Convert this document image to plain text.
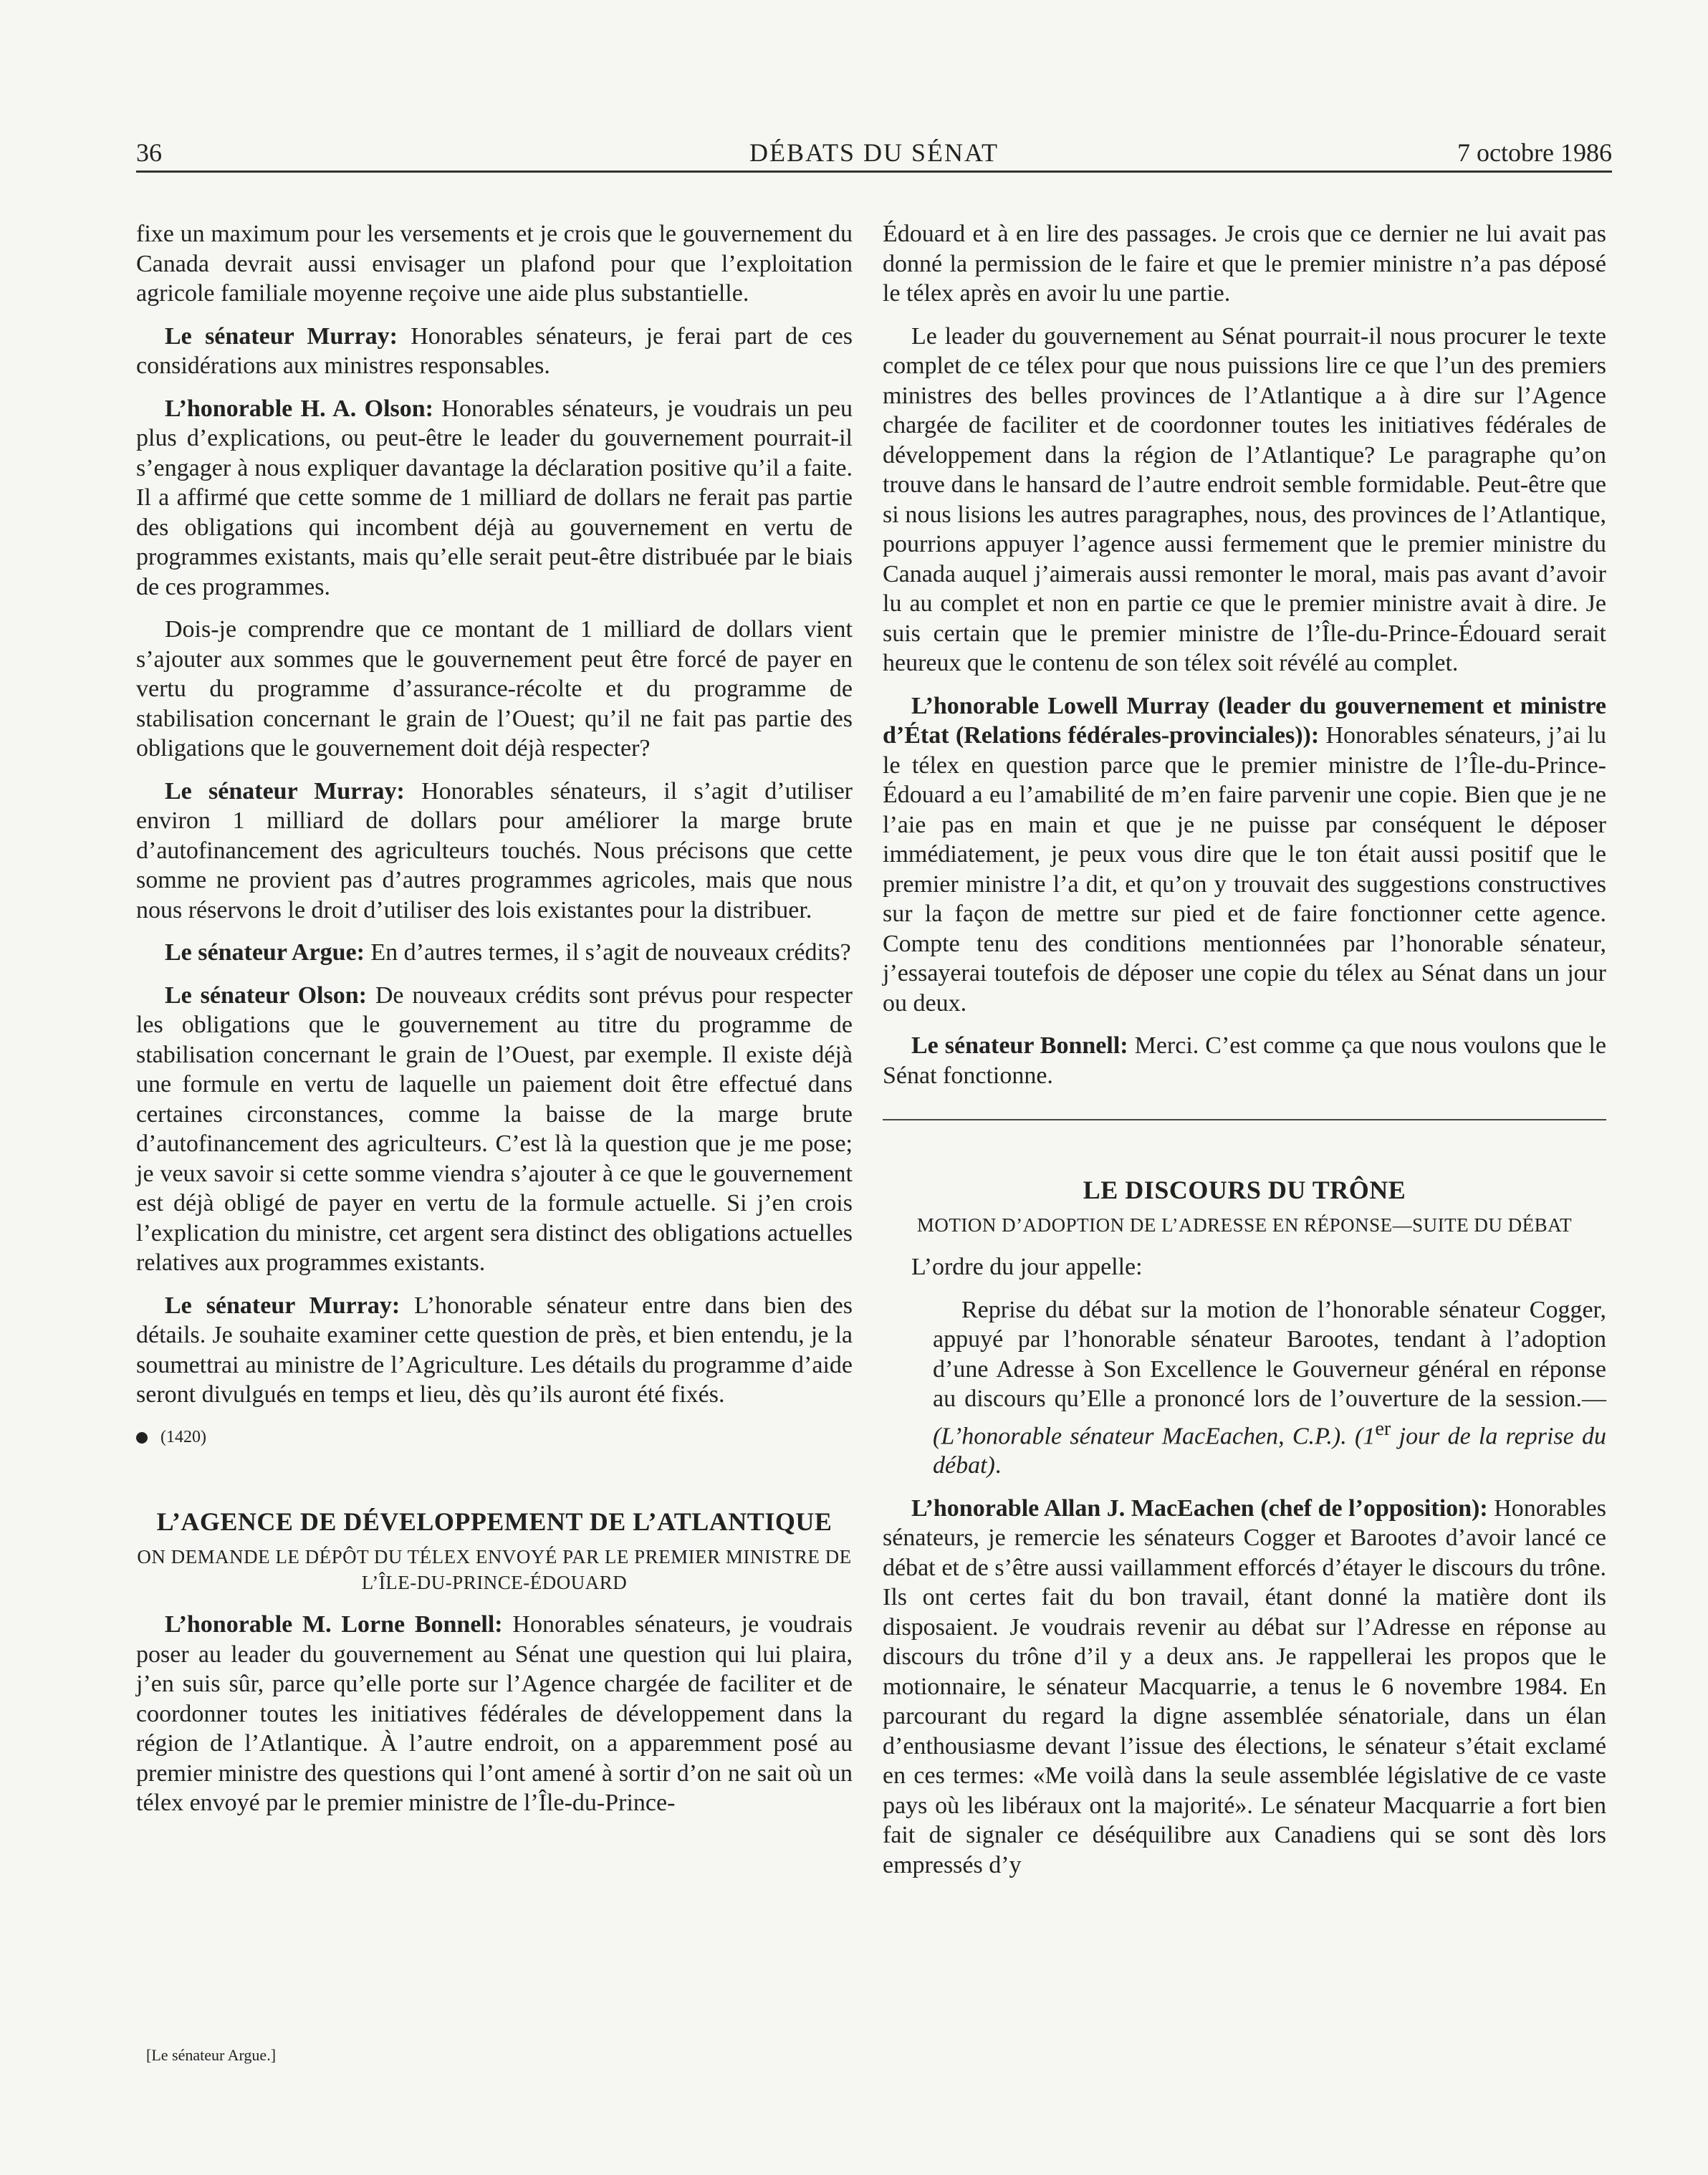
36	DÉBATS DU SÉNAT	7 octobre 1986

fixe un maximum pour les versements et je crois que le gouvernement du Canada devrait aussi envisager un plafond pour que l’exploitation agricole familiale moyenne reçoive une aide plus substantielle.

Le sénateur Murray: Honorables sénateurs, je ferai part de ces considérations aux ministres responsables.

L’honorable H. A. Olson: Honorables sénateurs, je voudrais un peu plus d’explications, ou peut-être le leader du gouvernement pourrait-il s’engager à nous expliquer davantage la déclaration positive qu’il a faite. Il a affirmé que cette somme de 1 milliard de dollars ne ferait pas partie des obligations qui incombent déjà au gouvernement en vertu de programmes existants, mais qu’elle serait peut-être distribuée par le biais de ces programmes.

Dois-je comprendre que ce montant de 1 milliard de dollars vient s’ajouter aux sommes que le gouvernement peut être forcé de payer en vertu du programme d’assurance-récolte et du programme de stabilisation concernant le grain de l’Ouest; qu’il ne fait pas partie des obligations que le gouvernement doit déjà respecter?

Le sénateur Murray: Honorables sénateurs, il s’agit d’utiliser environ 1 milliard de dollars pour améliorer la marge brute d’autofinancement des agriculteurs touchés. Nous précisons que cette somme ne provient pas d’autres programmes agricoles, mais que nous nous réservons le droit d’utiliser des lois existantes pour la distribuer.

Le sénateur Argue: En d’autres termes, il s’agit de nouveaux crédits?

Le sénateur Olson: De nouveaux crédits sont prévus pour respecter les obligations que le gouvernement au titre du programme de stabilisation concernant le grain de l’Ouest, par exemple. Il existe déjà une formule en vertu de laquelle un paiement doit être effectué dans certaines circonstances, comme la baisse de la marge brute d’autofinancement des agriculteurs. C’est là la question que je me pose; je veux savoir si cette somme viendra s’ajouter à ce que le gouvernement est déjà obligé de payer en vertu de la formule actuelle. Si j’en crois l’explication du ministre, cet argent sera distinct des obligations actuelles relatives aux programmes existants.

Le sénateur Murray: L’honorable sénateur entre dans bien des détails. Je souhaite examiner cette question de près, et bien entendu, je la soumettrai au ministre de l’Agriculture. Les détails du programme d’aide seront divulgués en temps et lieu, dès qu’ils auront été fixés.

(1420)

L’AGENCE DE DÉVELOPPEMENT DE L’ATLANTIQUE
ON DEMANDE LE DÉPÔT DU TÉLEX ENVOYÉ PAR LE PREMIER MINISTRE DE L’ÎLE-DU-PRINCE-ÉDOUARD

L’honorable M. Lorne Bonnell: Honorables sénateurs, je voudrais poser au leader du gouvernement au Sénat une question qui lui plaira, j’en suis sûr, parce qu’elle porte sur l’Agence chargée de faciliter et de coordonner toutes les initiatives fédérales de développement dans la région de l’Atlantique. À l’autre endroit, on a apparemment posé au premier ministre des questions qui l’ont amené à sortir d’on ne sait où un télex envoyé par le premier ministre de l’Île-du-Prince-

Édouard et à en lire des passages. Je crois que ce dernier ne lui avait pas donné la permission de le faire et que le premier ministre n’a pas déposé le télex après en avoir lu une partie.

Le leader du gouvernement au Sénat pourrait-il nous procurer le texte complet de ce télex pour que nous puissions lire ce que l’un des premiers ministres des belles provinces de l’Atlantique a à dire sur l’Agence chargée de faciliter et de coordonner toutes les initiatives fédérales de développement dans la région de l’Atlantique? Le paragraphe qu’on trouve dans le hansard de l’autre endroit semble formidable. Peut-être que si nous lisions les autres paragraphes, nous, des provinces de l’Atlantique, pourrions appuyer l’agence aussi fermement que le premier ministre du Canada auquel j’aimerais aussi remonter le moral, mais pas avant d’avoir lu au complet et non en partie ce que le premier ministre avait à dire. Je suis certain que le premier ministre de l’Île-du-Prince-Édouard serait heureux que le contenu de son télex soit révélé au complet.

L’honorable Lowell Murray (leader du gouvernement et ministre d’État (Relations fédérales-provinciales)): Honorables sénateurs, j’ai lu le télex en question parce que le premier ministre de l’Île-du-Prince-Édouard a eu l’amabilité de m’en faire parvenir une copie. Bien que je ne l’aie pas en main et que je ne puisse par conséquent le déposer immédiatement, je peux vous dire que le ton était aussi positif que le premier ministre l’a dit, et qu’on y trouvait des suggestions constructives sur la façon de mettre sur pied et de faire fonctionner cette agence. Compte tenu des conditions mentionnées par l’honorable sénateur, j’essayerai toutefois de déposer une copie du télex au Sénat dans un jour ou deux.

Le sénateur Bonnell: Merci. C’est comme ça que nous voulons que le Sénat fonctionne.

LE DISCOURS DU TRÔNE
MOTION D’ADOPTION DE L’ADRESSE EN RÉPONSE—SUITE DU DÉBAT

L’ordre du jour appelle:

Reprise du débat sur la motion de l’honorable sénateur Cogger, appuyé par l’honorable sénateur Barootes, tendant à l’adoption d’une Adresse à Son Excellence le Gouverneur général en réponse au discours qu’Elle a prononcé lors de l’ouverture de la session.—(L’honorable sénateur MacEachen, C.P.). (1er jour de la reprise du débat).

L’honorable Allan J. MacEachen (chef de l’opposition): Honorables sénateurs, je remercie les sénateurs Cogger et Barootes d’avoir lancé ce débat et de s’être aussi vaillamment efforcés d’étayer le discours du trône. Ils ont certes fait du bon travail, étant donné la matière dont ils disposaient. Je voudrais revenir au débat sur l’Adresse en réponse au discours du trône d’il y a deux ans. Je rappellerai les propos que le motionnaire, le sénateur Macquarrie, a tenus le 6 novembre 1984. En parcourant du regard la digne assemblée sénatoriale, dans un élan d’enthousiasme devant l’issue des élections, le sénateur s’était exclamé en ces termes: «Me voilà dans la seule assemblée législative de ce vaste pays où les libéraux ont la majorité». Le sénateur Macquarrie a fort bien fait de signaler ce déséquilibre aux Canadiens qui se sont dès lors empressés d’y

[Le sénateur Argue.]
